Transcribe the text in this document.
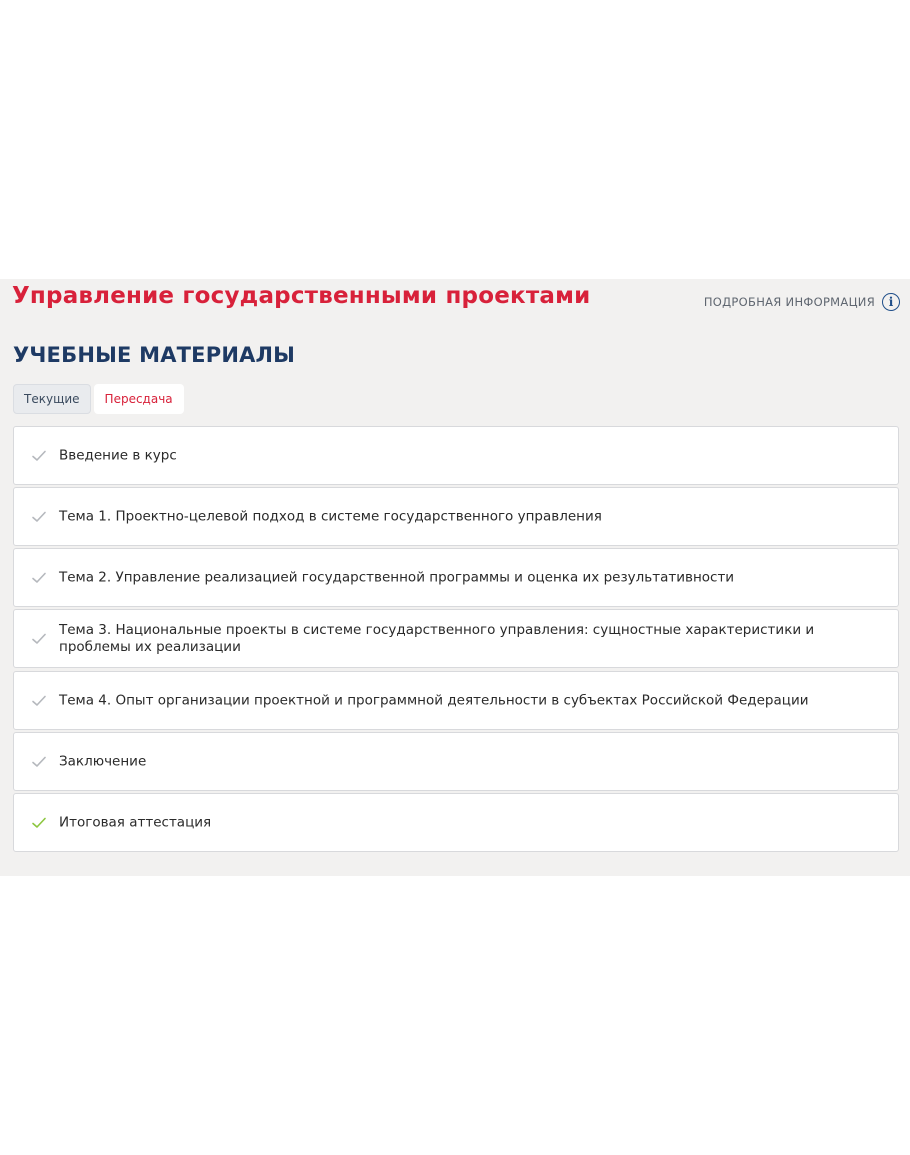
Управление государственными проектами	ПОДРОБНАЯ ИНФОРМАЦИЯ	i
УЧЕБНЫЕ МАТЕРИАЛЫ
Текущие	Пересдача
Введение в курс
Тема 1. Проектно-целевой подход в системе государственного управления
Тема 2. Управление реализацией государственной программы и оценка их результативности
Тема 3. Национальные проекты в системе государственного управления: сущностные характеристики и проблемы их реализации
Тема 4. Опыт организации проектной и программной деятельности в субъектах Российской Федерации
Заключение
Итоговая аттестация
